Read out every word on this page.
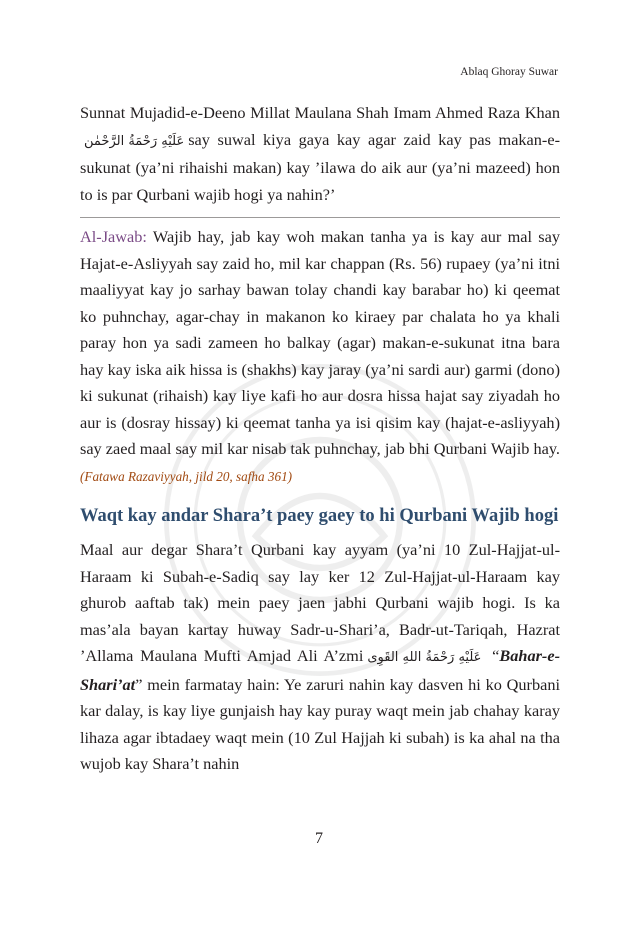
Ablaq Ghoray Suwar

Sunnat Mujadid-e-Deeno Millat Maulana Shah Imam Ahmed Raza Khanعَلَيْهِ رَحْمَةُ الرَّحْمٰن say suwal kiya gaya kay agar zaid kay pas makan-e-sukunat (ya’ni rihaishi makan) kay ’ilawa do aik aur (ya’ni mazeed) hon to is par Qurbani wajib hogi ya nahin?’

Al-Jawab: Wajib hay, jab kay woh makan tanha ya is kay aur mal say Hajat-e-Asliyyah say zaid ho, mil kar chappan (Rs. 56) rupaey (ya’ni itni maaliyyat kay jo sarhay bawan tolay chandi kay barabar ho) ki qeemat ko puhnchay, agar-chay in makanon ko kiraey par chalata ho ya khali paray hon ya sadi zameen ho balkay (agar) makan-e-sukunat itna bara hay kay iska aik hissa is (shakhs) kay jaray (ya’ni sardi aur) garmi (dono) ki sukunat (rihaish) kay liye kafi ho aur dosra hissa hajat say ziyadah ho aur is (dosray hissay) ki qeemat tanha ya isi qisim kay (hajat-e-asliyyah) say zaed maal say mil kar nisab tak puhnchay, jab bhi Qurbani Wajib hay. (Fatawa Razaviyyah, jild 20, safha 361)

Waqt kay andar Shara’t paey gaey to hi Qurbani Wajib hogi

Maal aur degar Shara’t Qurbani kay ayyam (ya’ni 10 Zul-Hajjat-ul-Haraam ki Subah-e-Sadiq say lay ker 12 Zul-Hajjat-ul-Haraam kay ghurob aaftab tak) mein paey jaen jabhi Qurbani wajib hogi. Is ka mas’ala bayan kartay huway Sadr-u-Shari’a, Badr-ut-Tariqah, Hazrat ’Allama Maulana Mufti Amjad Ali A’zmi عَلَيْهِ رَحْمَةُ اللهِ القَوِى “Bahar-e-Shari’at” mein farmatay hain: Ye zaruri nahin kay dasven hi ko Qurbani kar dalay, is kay liye gunjaish hay kay puray waqt mein jab chahay karay lihaza agar ibtadaey waqt mein (10 Zul Hajjah ki subah) is ka ahal na tha wujob kay Shara’t nahin

7
